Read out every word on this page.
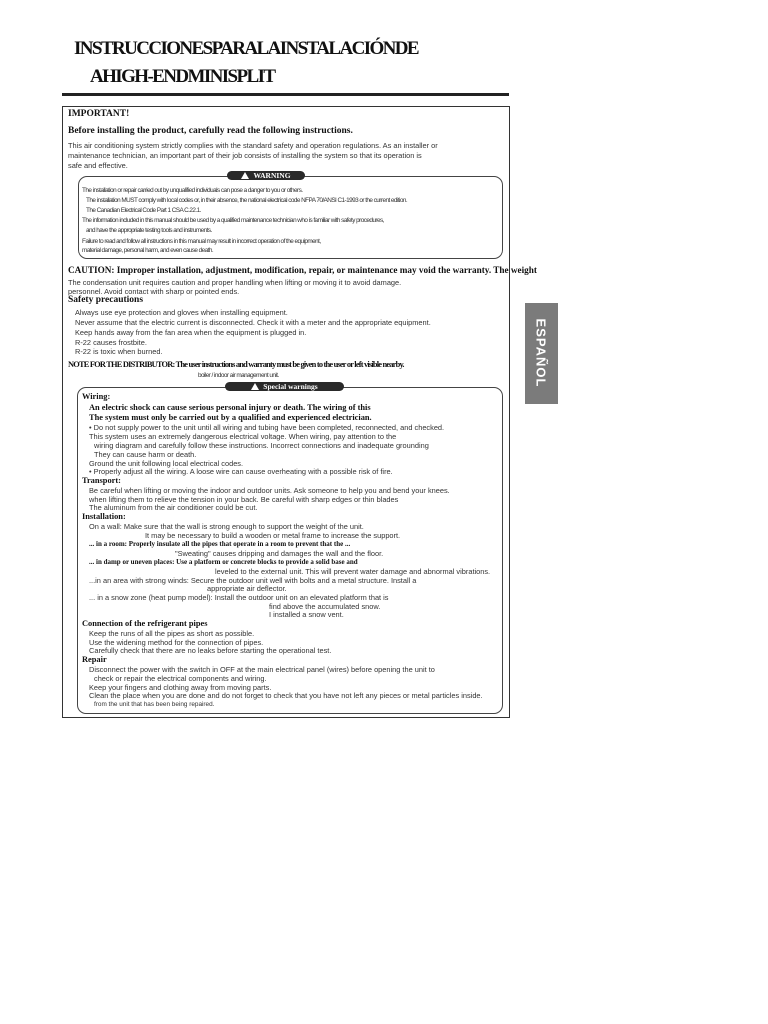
INSTRUCCIONESPARALAINSTALACIÓNDE
AHIGH-ENDMINISPLIT
ESPAÑOL
IMPORTANT!
Before installing the product, carefully read the following instructions.
This air conditioning system strictly complies with the standard safety and operation regulations. As an installer or
maintenance technician, an important part of their job consists of installing the system so that its operation is
safe and effective.
WARNING
The installation or repair carried out by unqualified individuals can pose a danger to you or others.
The installation MUST comply with local codes or, in their absence, the national electrical code NFPA 70/ANSI C1-1993 or the current edition.
The Canadian Electrical Code Part 1 CSA C.22.1.
The information included in this manual should be used by a qualified maintenance technician who is familiar with safety procedures,
and have the appropriate testing tools and instruments.
Failure to read and follow all instructions in this manual may result in incorrect operation of the equipment,
material damage, personal harm, and even cause death.
CAUTION: Improper installation, adjustment, modification, repair, or maintenance may void the warranty. The weight
The condensation unit requires caution and proper handling when lifting or moving it to avoid damage.
personnel. Avoid contact with sharp or pointed ends.
Safety precautions
Always use eye protection and gloves when installing equipment.
Never assume that the electric current is disconnected. Check it with a meter and the appropriate equipment.
Keep hands away from the fan area when the equipment is plugged in.
R-22 causes frostbite.
R-22 is toxic when burned.
NOTE FOR THE DISTRIBUTOR: The user instructions and warranty must be given to the user or left visible nearby.
boiler / indoor air management unit.
Special warnings
Wiring:
An electric shock can cause serious personal injury or death. The wiring of this
The system must only be carried out by a qualified and experienced electrician.
• Do not supply power to the unit until all wiring and tubing have been completed, reconnected, and checked.
This system uses an extremely dangerous electrical voltage. When wiring, pay attention to the
wiring diagram and carefully follow these instructions. Incorrect connections and inadequate grounding
They can cause harm or death.
Ground the unit following local electrical codes.
• Properly adjust all the wiring. A loose wire can cause overheating with a possible risk of fire.
Transport:
Be careful when lifting or moving the indoor and outdoor units. Ask someone to help you and bend your knees.
when lifting them to relieve the tension in your back. Be careful with sharp edges or thin blades
The aluminum from the air conditioner could be cut.
Installation:
On a wall: Make sure that the wall is strong enough to support the weight of the unit.
It may be necessary to build a wooden or metal frame to increase the support.
... in a room: Properly insulate all the pipes that operate in a room to prevent that the ...
"Sweating" causes dripping and damages the wall and the floor.
... in damp or uneven places: Use a platform or concrete blocks to provide a solid base and
leveled to the external unit. This will prevent water damage and abnormal vibrations.
...in an area with strong winds: Secure the outdoor unit well with bolts and a metal structure. Install a
appropriate air deflector.
... in a snow zone (heat pump model): Install the outdoor unit on an elevated platform that is
find above the accumulated snow.
I installed a snow vent.
Connection of the refrigerant pipes
Keep the runs of all the pipes as short as possible.
Use the widening method for the connection of pipes.
Carefully check that there are no leaks before starting the operational test.
Repair
Disconnect the power with the switch in OFF at the main electrical panel (wires) before opening the unit to
check or repair the electrical components and wiring.
Keep your fingers and clothing away from moving parts.
Clean the place when you are done and do not forget to check that you have not left any pieces or metal particles inside.
from the unit that has been being repaired.
